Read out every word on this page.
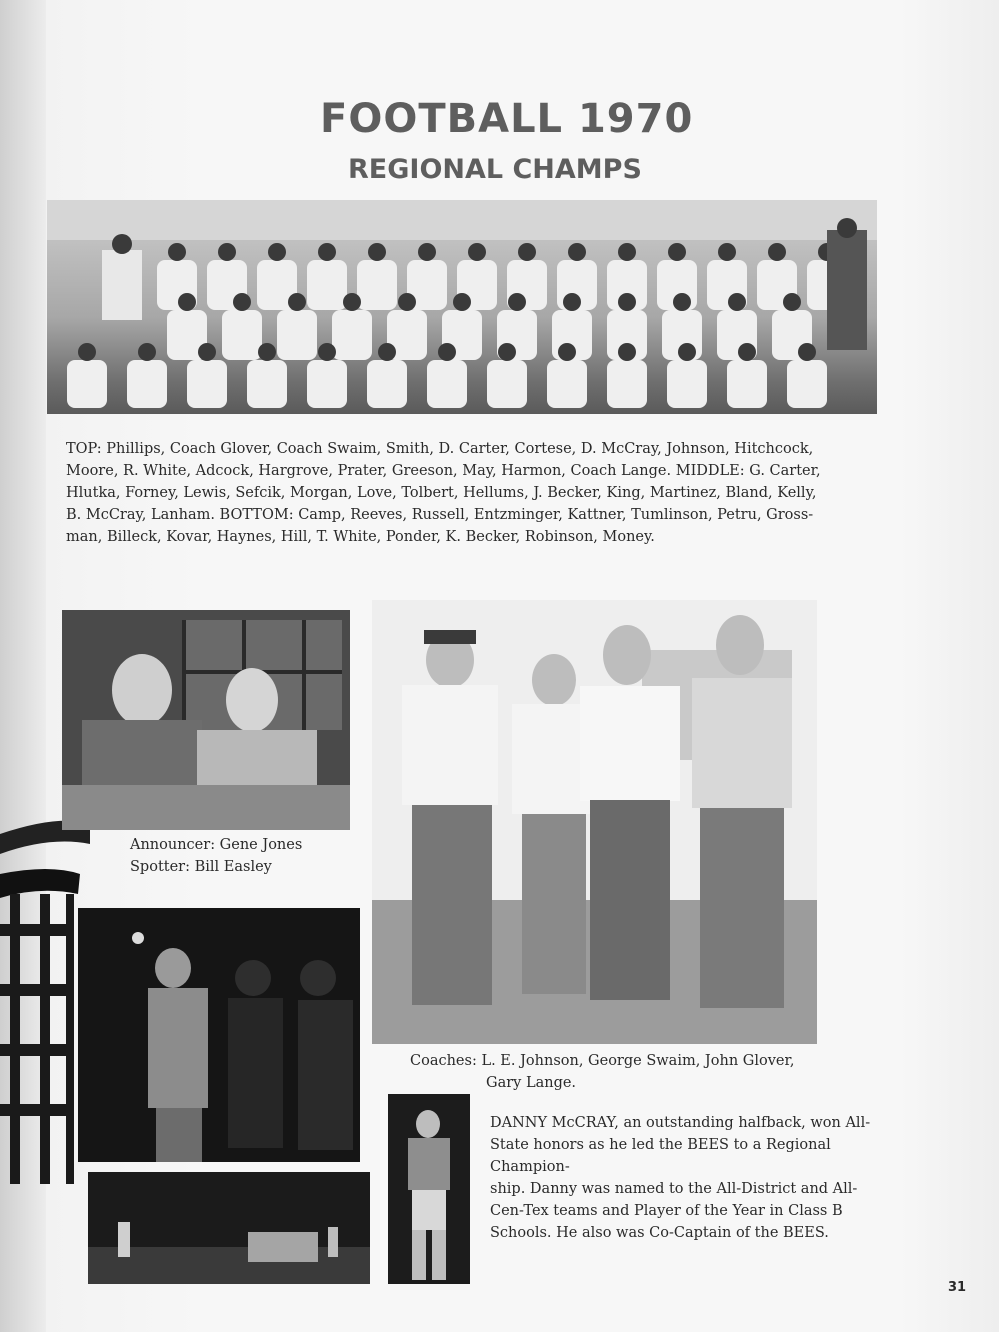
FOOTBALL 1970
REGIONAL CHAMPS
TOP: Phillips, Coach Glover, Coach Swaim, Smith, D. Carter, Cortese, D. McCray, Johnson, Hitchcock,
Moore, R. White, Adcock, Hargrove, Prater, Greeson, May, Harmon, Coach Lange. MIDDLE: G. Carter,
Hlutka, Forney, Lewis, Sefcik, Morgan, Love, Tolbert, Hellums, J. Becker, King, Martinez, Bland, Kelly,
B. McCray, Lanham. BOTTOM: Camp, Reeves, Russell, Entzminger, Kattner, Tumlinson, Petru, Gross-
man, Billeck, Kovar, Haynes, Hill, T. White, Ponder, K. Becker, Robinson, Money.
Announcer: Gene Jones
Spotter: Bill Easley
Coaches: L. E. Johnson, George Swaim, John Glover,
Gary Lange.
DANNY McCRAY, an outstanding halfback, won All-
State honors as he led the BEES to a Regional Champion-
ship. Danny was named to the All-District and All-
Cen-Tex teams and Player of the Year in Class B
Schools. He also was Co-Captain of the BEES.
31
